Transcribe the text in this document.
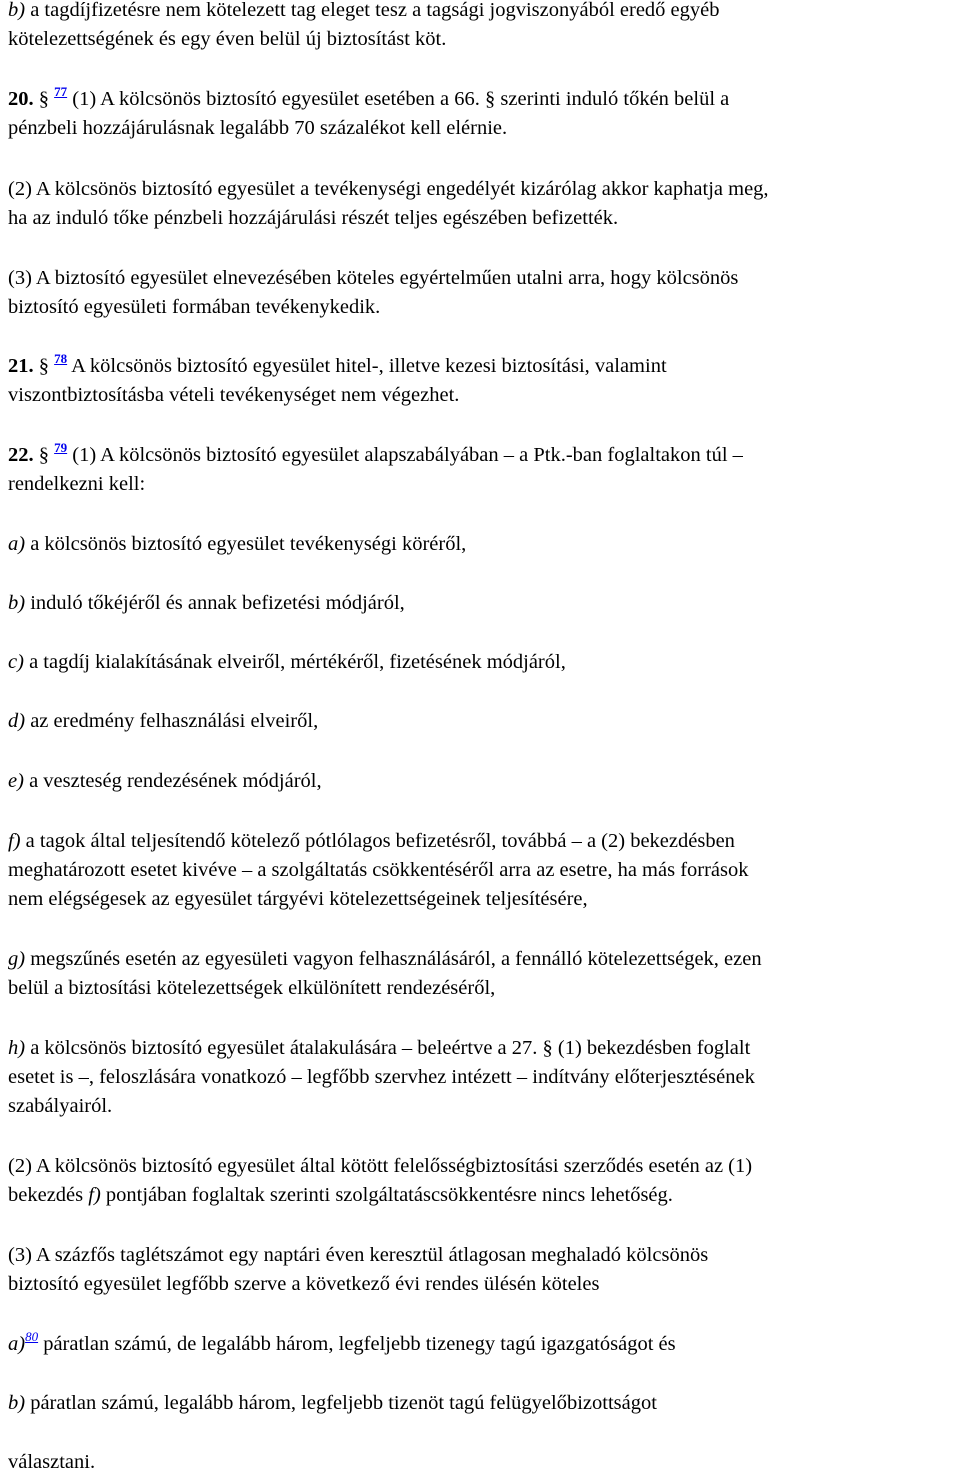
b) a tagdíjfizetésre nem kötelezett tag eleget tesz a tagsági jogviszonyából eredő egyéb
kötelezettségének és egy éven belül új biztosítást köt.
20. § $^{77}$ (1) A kölcsönös biztosító egyesület esetében a 66. § szerinti induló tőkén belül a
pénzbeli hozzájárulásnak legalább 70 százalékot kell elérnie.
(2) A kölcsönös biztosító egyesület a tevékenységi engedélyét kizárólag akkor kaphatja meg,
ha az induló tőke pénzbeli hozzájárulási részét teljes egészében befizették.
(3) A biztosító egyesület elnevezésében köteles egyértelműen utalni arra, hogy kölcsönös
biztosító egyesületi formában tevékenykedik.
21. § $^{78}$ A kölcsönös biztosító egyesület hitel-, illetve kezesi biztosítási, valamint
viszontbiztosításba vételi tevékenységet nem végezhet.
22. § $^{79}$ (1) A kölcsönös biztosító egyesület alapszabályában – a Ptk.-ban foglaltakon túl –
rendelkezni kell:
a) a kölcsönös biztosító egyesület tevékenységi köréről,
b) induló tőkéjéről és annak befizetési módjáról,
c) a tagdíj kialakításának elveiről, mértékéről, fizetésének módjáról,
d) az eredmény felhasználási elveiről,
e) a veszteség rendezésének módjáról,
f) a tagok által teljesítendő kötelező pótlólagos befizetésről, továbbá – a (2) bekezdésben
meghatározott esetet kivéve – a szolgáltatás csökkentéséről arra az esetre, ha más források
nem elégségesek az egyesület tárgyévi kötelezettségeinek teljesítésére,
g) megszűnés esetén az egyesületi vagyon felhasználásáról, a fennálló kötelezettségek, ezen
belül a biztosítási kötelezettségek elkülönített rendezéséről,
h) a kölcsönös biztosító egyesület átalakulására – beleértve a 27. § (1) bekezdésben foglalt
esetet is –, feloszlására vonatkozó – legfőbb szervhez intézett – indítvány előterjesztésének
szabályairól.
(2) A kölcsönös biztosító egyesület által kötött felelősségbiztosítási szerződés esetén az (1)
bekezdés f) pontjában foglaltak szerinti szolgáltatáscsökkentésre nincs lehetőség.
(3) A százfős taglétszámot egy naptári éven keresztül átlagosan meghaladó kölcsönös
biztosító egyesület legfőbb szerve a következő évi rendes ülésén köteles
a)$^{80}$ páratlan számú, de legalább három, legfeljebb tizenegy tagú igazgatóságot és
b) páratlan számú, legalább három, legfeljebb tizenöt tagú felügyelőbizottságot
választani.
